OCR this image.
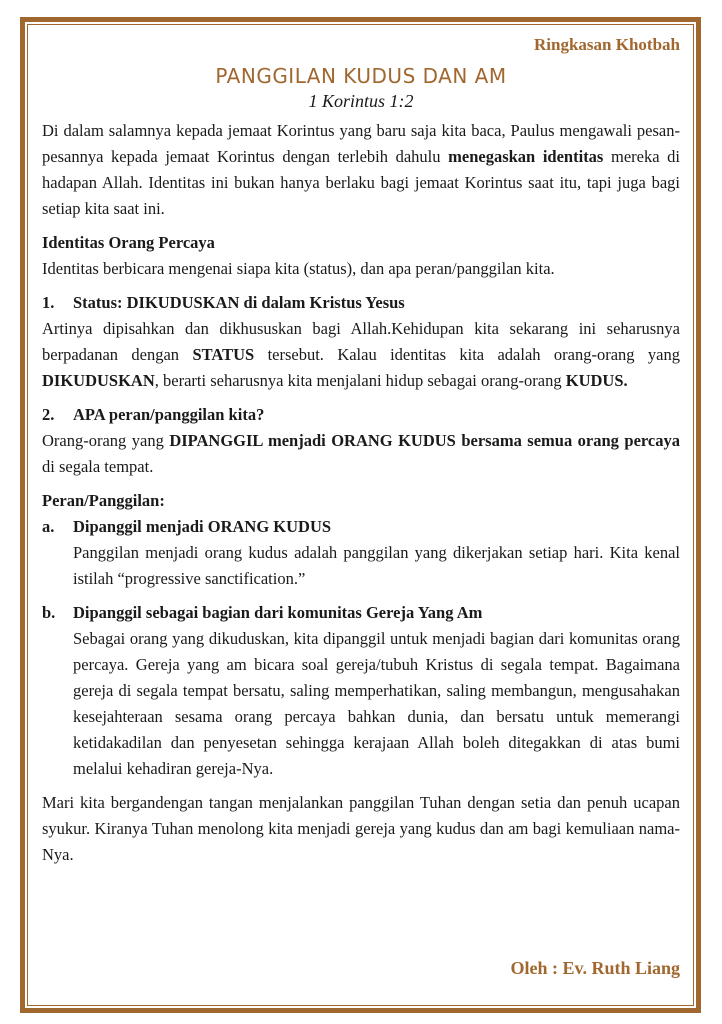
Ringkasan Khotbah
PANGGILAN KUDUS DAN AM
1 Korintus 1:2

Di dalam salamnya kepada jemaat Korintus yang baru saja kita baca, Paulus mengawali pesan-pesannya kepada jemaat Korintus dengan terlebih dahulu menegaskan identitas mereka di hadapan Allah. Identitas ini bukan hanya berlaku bagi jemaat Korintus saat itu, tapi juga bagi setiap kita saat ini.

Identitas Orang Percaya

Identitas berbicara mengenai siapa kita (status), dan apa peran/panggilan kita.

1.	Status: DIKUDUSKAN di dalam Kristus Yesus

Artinya dipisahkan dan dikhususkan bagi Allah.Kehidupan kita sekarang ini seharusnya berpadanan dengan STATUS tersebut. Kalau identitas kita adalah orang-orang yang DIKUDUSKAN, berarti seharusnya kita menjalani hidup sebagai orang-orang KUDUS.

2.	APA peran/panggilan kita?

Orang-orang yang DIPANGGIL menjadi ORANG KUDUS bersama semua orang percaya di segala tempat.

Peran/Panggilan:
a.	Dipanggil menjadi ORANG KUDUS

Panggilan menjadi orang kudus adalah panggilan yang dikerjakan setiap hari. Kita kenal istilah “progressive sanctification.”

b.	Dipanggil sebagai bagian dari komunitas Gereja Yang Am

Sebagai orang yang dikuduskan, kita dipanggil untuk menjadi bagian dari komunitas orang percaya. Gereja yang am bicara soal gereja/tubuh Kristus di segala tempat. Bagaimana gereja di segala tempat bersatu, saling memperhatikan, saling membangun, mengusahakan kesejahteraan sesama orang percaya bahkan dunia, dan bersatu untuk memerangi ketidakadilan dan penyesetan sehingga kerajaan Allah boleh ditegakkan di atas bumi melalui kehadiran gereja-Nya.

Mari kita bergandengan tangan menjalankan panggilan Tuhan dengan setia dan penuh ucapan syukur. Kiranya Tuhan menolong kita menjadi gereja yang kudus dan am bagi kemuliaan nama-Nya.

Oleh : Ev. Ruth Liang
